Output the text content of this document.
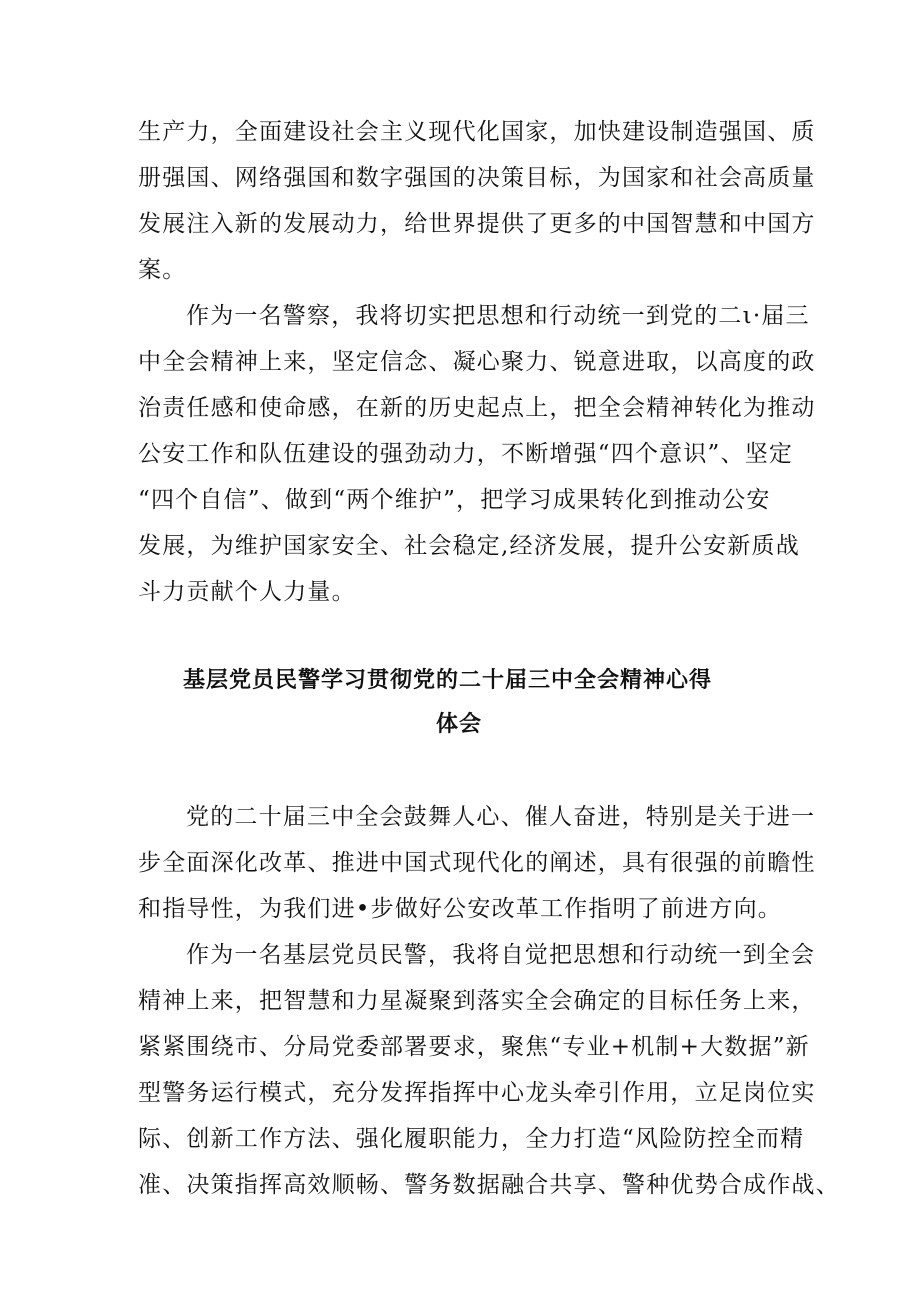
生产力，全面建设社会主义现代化国家，加快建设制造强国、质
册强国、网络强国和数字强国的决策目标，为国家和社会高质量
发展注入新的发展动力，给世界提供了更多的中国智慧和中国方
案。
作为一名警察，我将切实把思想和行动统一到党的二ι·届三
中全会精神上来，坚定信念、凝心聚力、锐意进取，以高度的政
治责任感和使命感，在新的历史起点上，把全会精神转化为推动
公安工作和队伍建设的强劲动力，不断增强“四个意识”、坚定
“四个自信”、做到“两个维护”，把学习成果转化到推动公安
发展，为维护国家安全、社会稳定,经济发展，提升公安新质战
斗力贡献个人力量。
基层党员民警学习贯彻党的二十届三中全会精神心得
体会
党的二十届三中全会鼓舞人心、催人奋进，特别是关于进一
步全面深化改革、推进中国式现代化的阐述，具有很强的前瞻性
和指导性，为我们进•步做好公安改革工作指明了前进方向。
作为一名基层党员民警，我将自觉把思想和行动统一到全会
精神上来，把智慧和力星凝聚到落实全会确定的目标任务上来，
紧紧围绕市、分局党委部署要求，聚焦“专业+机制+大数据”新
型警务运行模式，充分发挥指挥中心龙头牵引作用，立足岗位实
际、创新工作方法、强化履职能力，全力打造“风险防控全而精
准、决策指挥高效顺畅、警务数据融合共享、警种优势合成作战、
